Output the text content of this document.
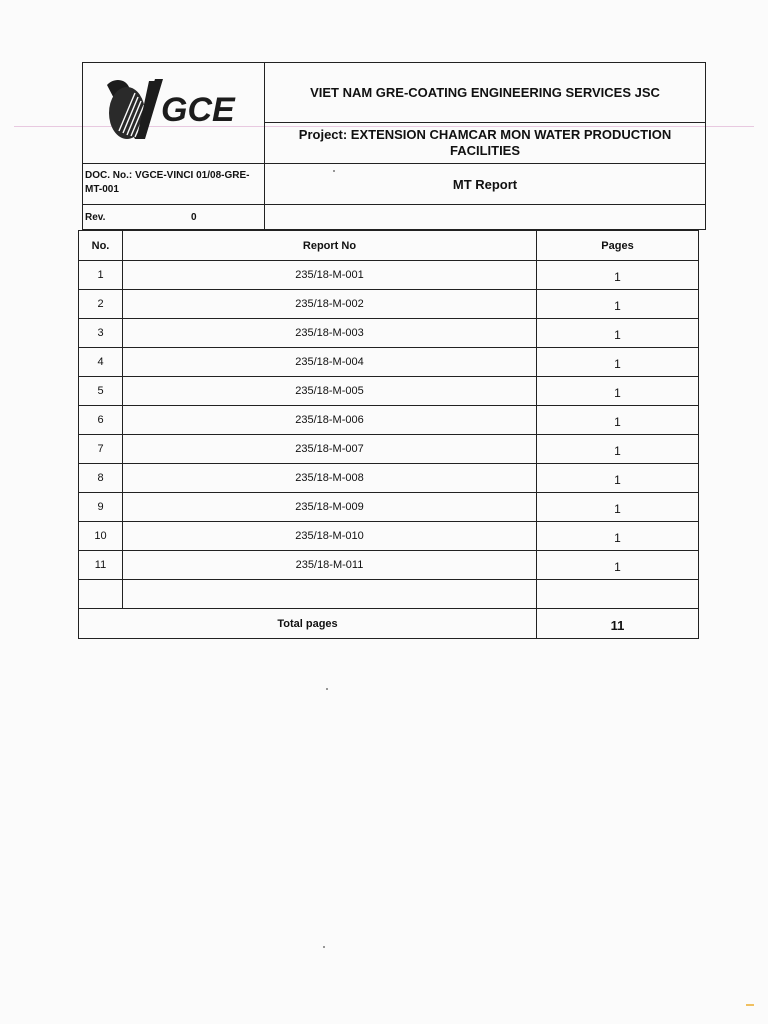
GCE	VIET NAM GRE-COATING ENGINEERING SERVICES JSC
Project: EXTENSION CHAMCAR MON WATER PRODUCTION FACILITIES
DOC. No.: VGCE-VINCI 01/08-GRE-MT-001	MT Report
Rev.	0
No.	Report No	Pages
1	235/18-M-001	1
2	235/18-M-002	1
3	235/18-M-003	1
4	235/18-M-004	1
5	235/18-M-005	1
6	235/18-M-006	1
7	235/18-M-007	1
8	235/18-M-008	1
9	235/18-M-009	1
10	235/18-M-010	1
11	235/18-M-011	1

Total pages		11
